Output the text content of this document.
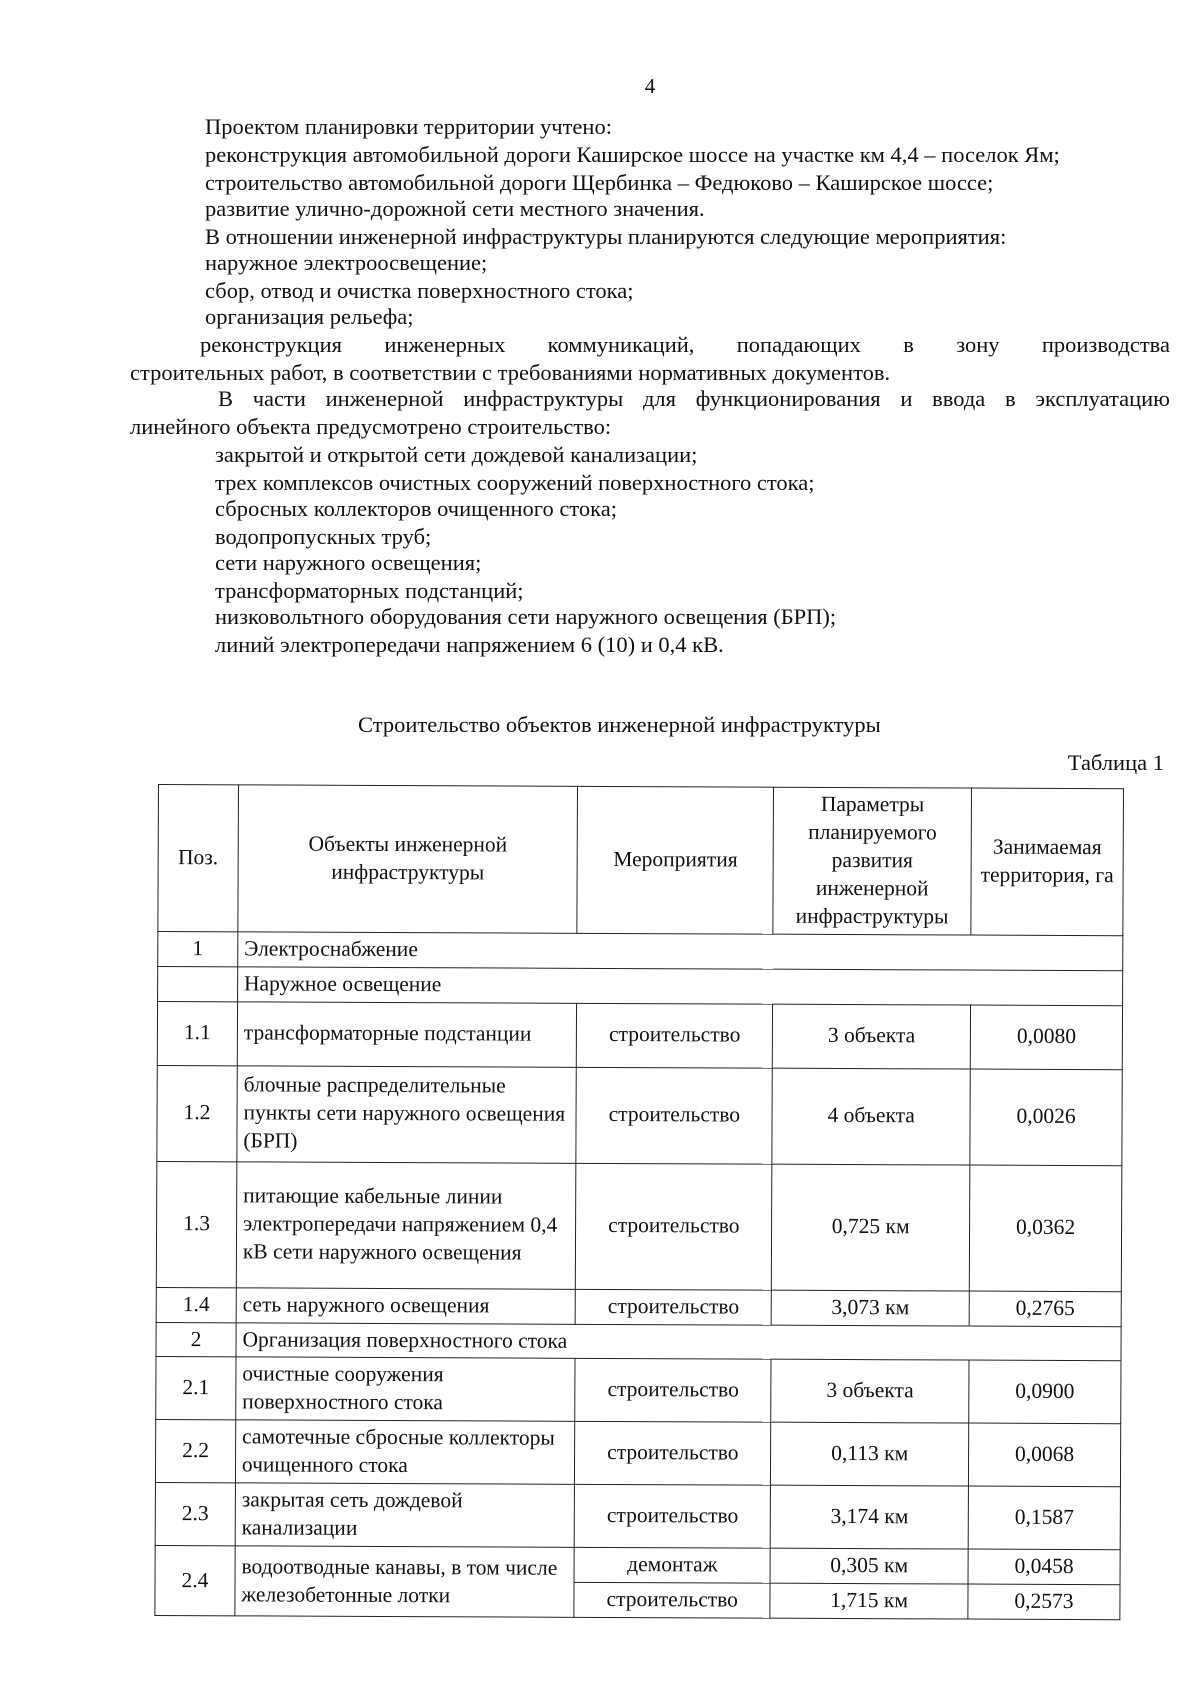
4
Проектом планировки территории учтено:
реконструкция автомобильной дороги Каширское шоссе на участке км 4,4 – поселок Ям;
строительство автомобильной дороги Щербинка – Федюково – Каширское шоссе;
развитие улично-дорожной сети местного значения.
В отношении инженерной инфраструктуры планируются следующие мероприятия:
наружное электроосвещение;
сбор, отвод и очистка поверхностного стока;
организация рельефа;
реконструкция инженерных коммуникаций, попадающих в зону производства
строительных работ, в соответствии с требованиями нормативных документов.
В части инженерной инфраструктуры для функционирования и ввода в эксплуатацию
линейного объекта предусмотрено строительство:
закрытой и открытой сети дождевой канализации;
трех комплексов очистных сооружений поверхностного стока;
сбросных коллекторов очищенного стока;
водопропускных труб;
сети наружного освещения;
трансформаторных подстанций;
низковольтного оборудования сети наружного освещения (БРП);
линий электропередачи напряжением 6 (10) и 0,4 кВ.
Строительство объектов инженерной инфраструктуры
Таблица 1
Поз.	Объекты инженерной инфраструктуры	Мероприятия	Параметры планируемого развития инженерной инфраструктуры	Занимаемая территория, га
1	Электроснабжение			
	Наружное освещение			
1.1	трансформаторные подстанции	строительство	3 объекта	0,0080
1.2	блочные распределительные пункты сети наружного освещения (БРП)	строительство	4 объекта	0,0026
1.3	питающие кабельные линии электропередачи напряжением 0,4 кВ сети наружного освещения	строительство	0,725 км	0,0362
1.4	сеть наружного освещения	строительство	3,073 км	0,2765
2	Организация поверхностного стока			
2.1	очистные сооружения поверхностного стока	строительство	3 объекта	0,0900
2.2	самотечные сбросные коллекторы очищенного стока	строительство	0,113 км	0,0068
2.3	закрытая сеть дождевой канализации	строительство	3,174 км	0,1587
2.4	водоотводные канавы, в том числе железобетонные лотки	демонтаж	0,305 км	0,0458
		строительство	1,715 км	0,2573
